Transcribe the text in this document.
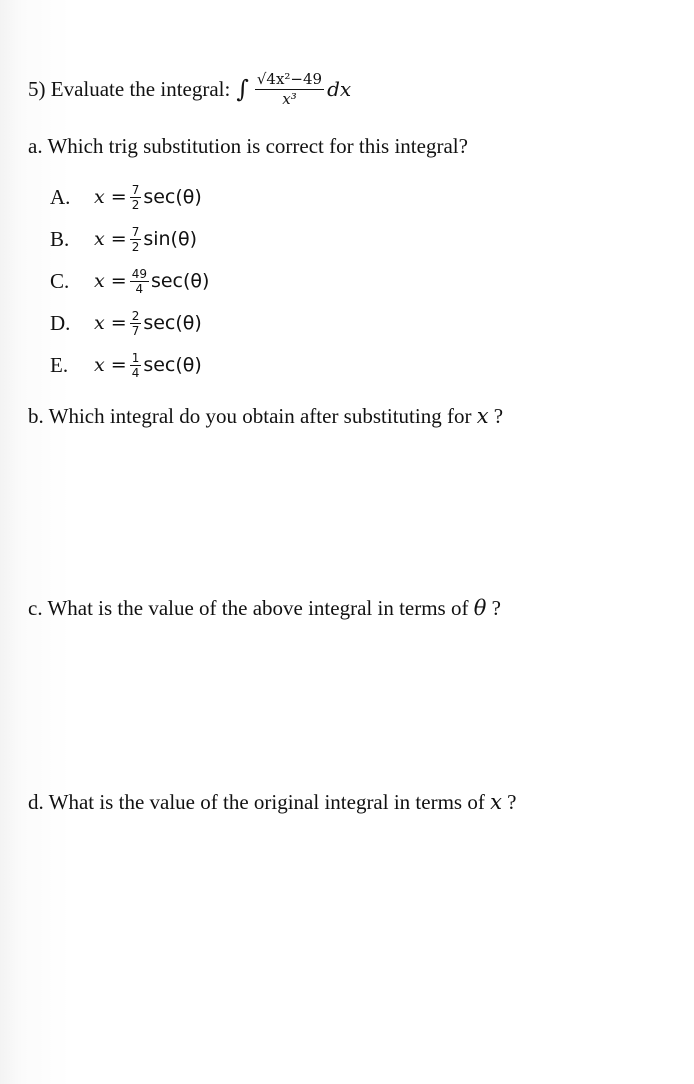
5) Evaluate the integral: ∫ $\frac{\text{√4x²−49}}{\text{x³}}$ dx
a. Which trig substitution is correct for this integral?
A.	$x = \frac{7}{2} \sec(\theta)$
B.	$x = \frac{7}{2} \sin(\theta)$
C.	$x = \frac{49}{4} \sec(\theta)$
D.	$x = \frac{2}{7} \sec(\theta)$
E.	$x = \frac{1}{4} \sec(\theta)$
b. Which integral do you obtain after substituting for x ?
c. What is the value of the above integral in terms of θ ?
d. What is the value of the original integral in terms of x ?
